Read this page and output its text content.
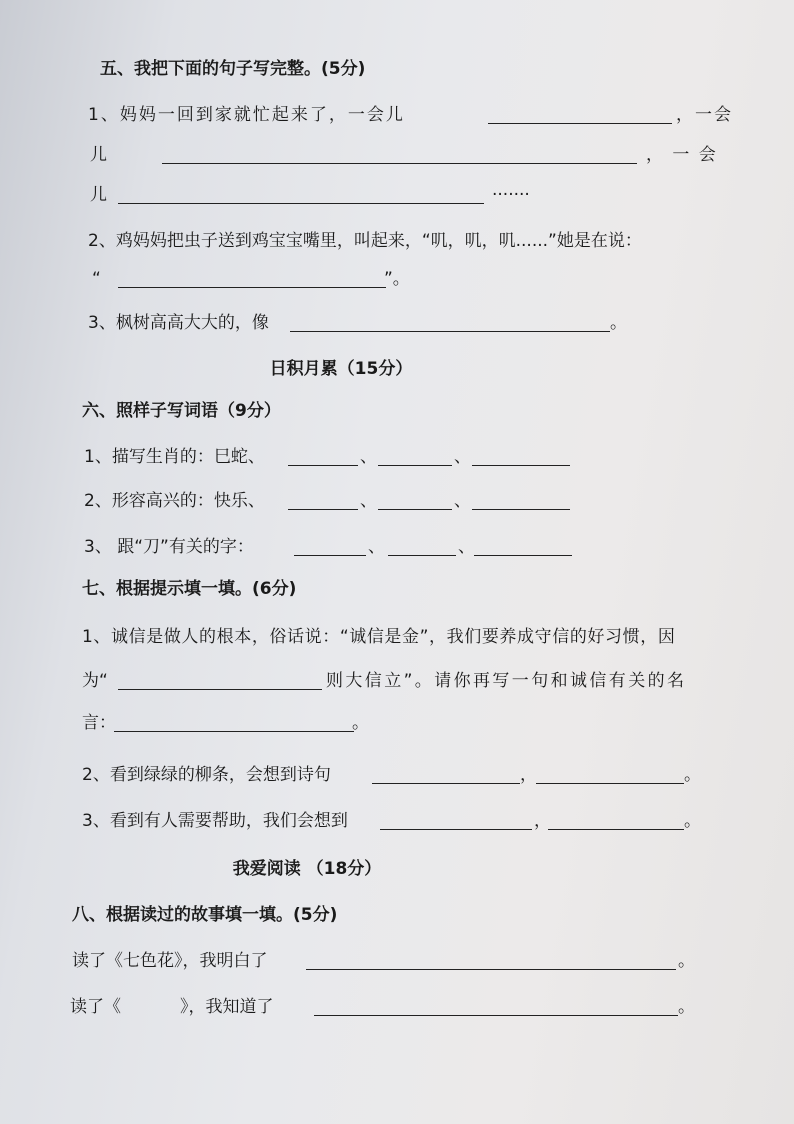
五、我把下面的句子写完整。(5分)
1、妈妈一回到家就忙起来了，一会儿	，一会
儿	， 一 会
儿	·······
2、鸡妈妈把虫子送到鸡宝宝嘴里，叫起来，“叽，叽，叽......”她是在说：
“	”。
3、枫树高高大大的，像	。
日积月累（15分）
六、照样子写词语（9分）
1、描写生肖的：巳蛇、	、	、
2、形容高兴的：快乐、	、	、
3、 跟“刀”有关的字：	、	、
七、根据提示填一填。(6分)
1、诚信是做人的根本，俗话说：“诚信是金”，我们要养成守信的好习惯，因
为“	则大信立”。请你再写一句和诚信有关的名
言：	。
2、看到绿绿的柳条，会想到诗句	，	。
3、看到有人需要帮助，我们会想到	，	。
我爱阅读 （18分）
八、根据读过的故事填一填。(5分)
读了《七色花》，我明白了	。
读了《	》，我知道了	。
